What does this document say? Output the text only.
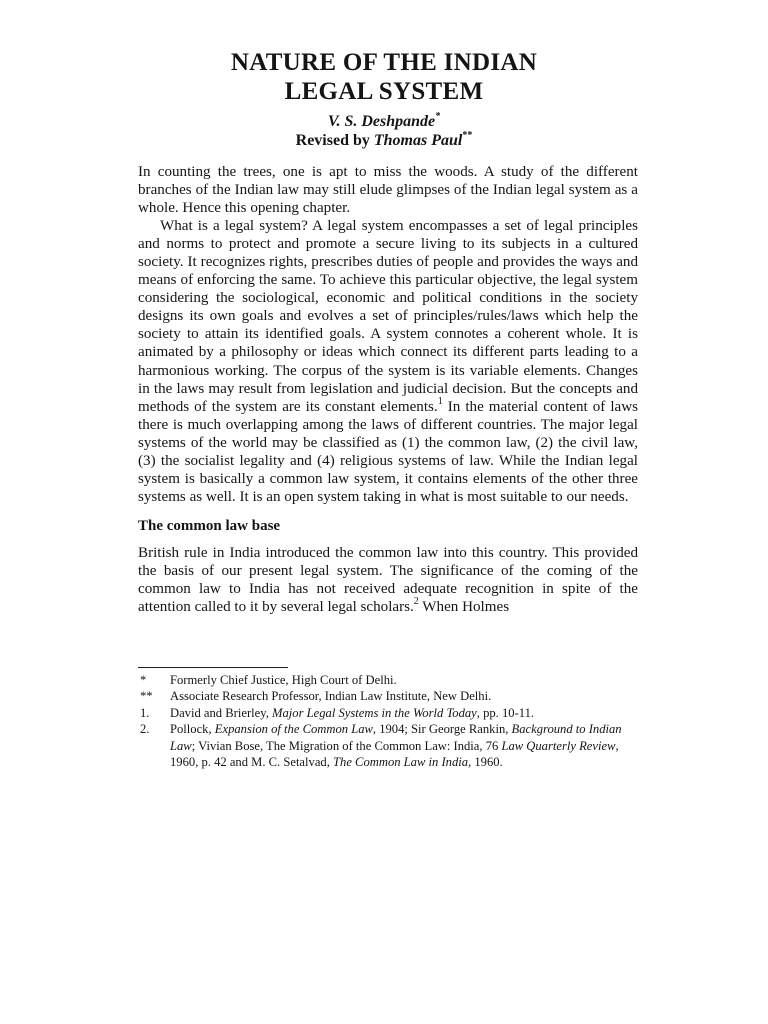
NATURE OF THE INDIAN
LEGAL SYSTEM
V. S. Deshpande*
Revised by Thomas Paul**

In counting the trees, one is apt to miss the woods. A study of the different branches of the Indian law may still elude glimpses of the Indian legal system as a whole. Hence this opening chapter.

What is a legal system? A legal system encompasses a set of legal principles and norms to protect and promote a secure living to its subjects in a cultured society. It recognizes rights, prescribes duties of people and provides the ways and means of enforcing the same. To achieve this particular objective, the legal system considering the sociological, economic and political conditions in the society designs its own goals and evolves a set of principles/rules/laws which help the society to attain its identified goals. A system connotes a coherent whole. It is animated by a philosophy or ideas which connect its different parts leading to a harmonious working. The corpus of the system is its variable elements. Changes in the laws may result from legislation and judicial decision. But the concepts and methods of the system are its constant elements.$^1$ In the material content of laws there is much overlapping among the laws of different countries. The major legal systems of the world may be classified as (1) the common law, (2) the civil law, (3) the socialist legality and (4) religious systems of law. While the Indian legal system is basically a common law system, it contains elements of the other three systems as well. It is an open system taking in what is most suitable to our needs.

The common law base

British rule in India introduced the common law into this country. This provided the basis of our present legal system. The significance of the coming of the common law to India has not received adequate recognition in spite of the attention called to it by several legal scholars.$^2$ When Holmes

*	Formerly Chief Justice, High Court of Delhi.
**	Associate Research Professor, Indian Law Institute, New Delhi.
1.	David and Brierley, Major Legal Systems in the World Today, pp. 10-11.
2.	Pollock, Expansion of the Common Law, 1904; Sir George Rankin, Background to Indian Law; Vivian Bose, The Migration of the Common Law: India, 76 Law Quarterly Review, 1960, p. 42 and M. C. Setalvad, The Common Law in India, 1960.
